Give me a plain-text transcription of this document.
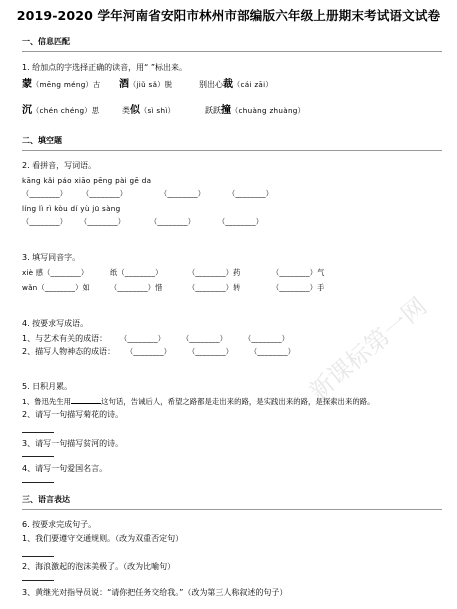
2019-2020 学年河南省安阳市林州市部编版六年级上册期末考试语文试卷
一、信息匹配
1. 给加点的字选择正确的读音，用“ ”标出来。
蒙（mēng méng）古 酒（jiǔ sǎ）脱	别出心裁（cái zāi）
沉（chén chéng）思	类似（sì shì）	跃跃撞（chuàng zhuàng）
二、填空题
2. 看拼音，写词语。
kāng kǎi páo xiāo pēng pài gē da
（________） （________）	（________）	（________）
líng lì rì kòu dí yù jū sàng
（________） （________）	（________）	（________）
3. 填写同音字。
xiè 感（________）	纸（________）	（________）药	（________）气
wǎn（________）如	（________）惜	（________）转	（________）手
4. 按要求写成语。
1、与艺术有关的成语： （________） （________） （________）
2、描写人物神态的成语： （________） （________） （________）
5. 日积月累。
1、鲁迅先生用	这句话，告诫后人，希望之路都是走出来的路，是实践出来的路，是探索出来的路。
2、请写一句描写菊花的诗。
3、请写一句描写贫河的诗。
4、请写一句爱国名言。
三、语言表达
6. 按要求完成句子。
1、我们要遵守交通规则。（改为双重否定句）
2、海浪激起的泡沫美极了。（改为比喻句）
3、黄继光对指导员说：“请你把任务交给我。”（改为第三人称叙述的句子）
新课标第一网
